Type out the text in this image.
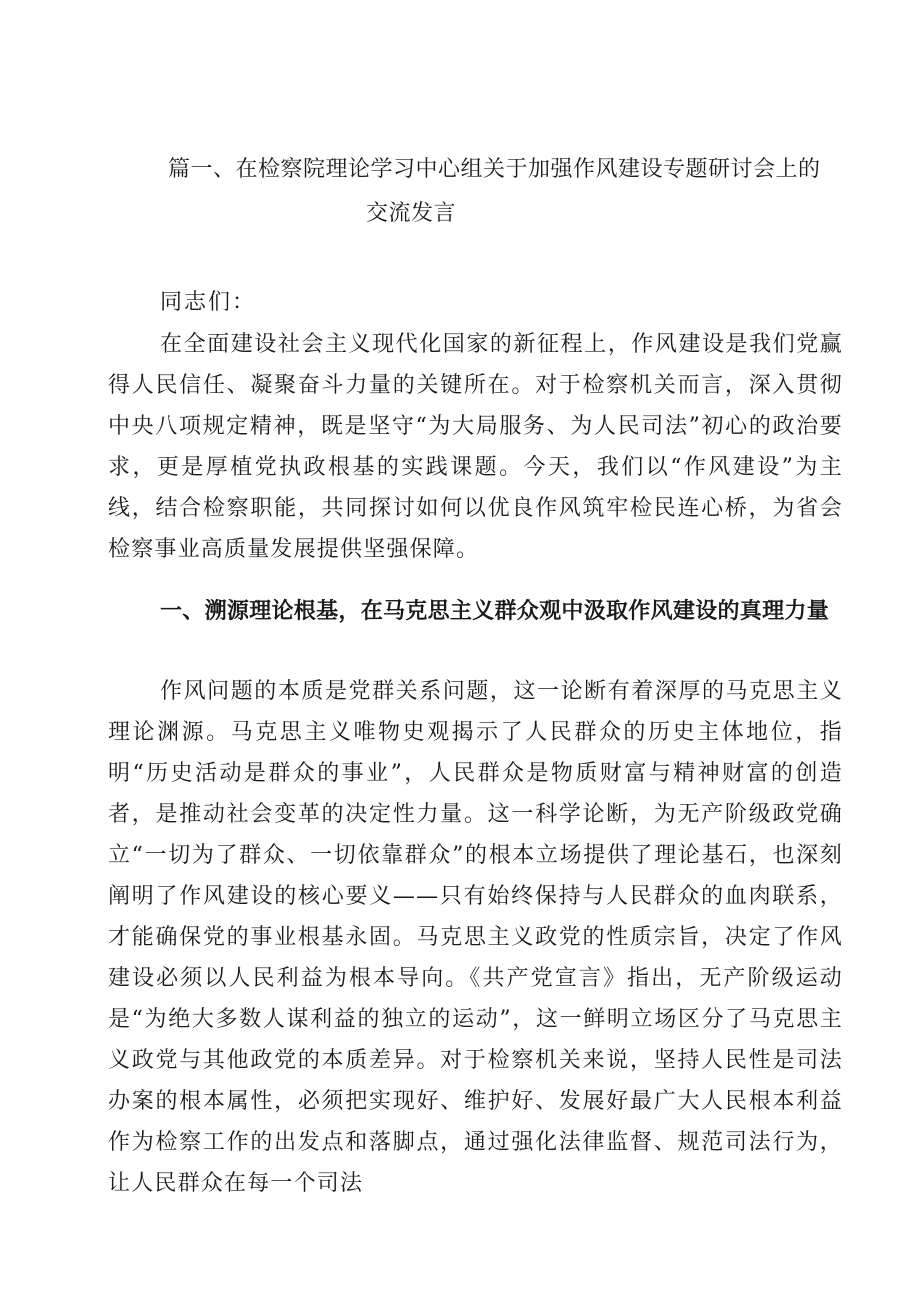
篇一、在检察院理论学习中心组关于加强作风建设专题研讨会上的
交流发言
同志们：

在全面建设社会主义现代化国家的新征程上，作风建设是我们党赢得人民信任、凝聚奋斗力量的关键所在。对于检察机关而言，深入贯彻中央八项规定精神，既是坚守“为大局服务、为人民司法”初心的政治要求，更是厚植党执政根基的实践课题。今天，我们以“作风建设”为主线，结合检察职能，共同探讨如何以优良作风筑牢检民连心桥，为省会检察事业高质量发展提供坚强保障。

一、溯源理论根基，在马克思主义群众观中汲取作风建设的真理力量

作风问题的本质是党群关系问题，这一论断有着深厚的马克思主义理论渊源。马克思主义唯物史观揭示了人民群众的历史主体地位，指明“历史活动是群众的事业”，人民群众是物质财富与精神财富的创造者，是推动社会变革的决定性力量。这一科学论断，为无产阶级政党确立“一切为了群众、一切依靠群众”的根本立场提供了理论基石，也深刻阐明了作风建设的核心要义——只有始终保持与人民群众的血肉联系，才能确保党的事业根基永固。马克思主义政党的性质宗旨，决定了作风建设必须以人民利益为根本导向。《共产党宣言》指出，无产阶级运动是“为绝大多数人谋利益的独立的运动”，这一鲜明立场区分了马克思主义政党与其他政党的本质差异。对于检察机关来说，坚持人民性是司法办案的根本属性，必须把实现好、维护好、发展好最广大人民根本利益作为检察工作的出发点和落脚点，通过强化法律监督、规范司法行为，让人民群众在每一个司法
